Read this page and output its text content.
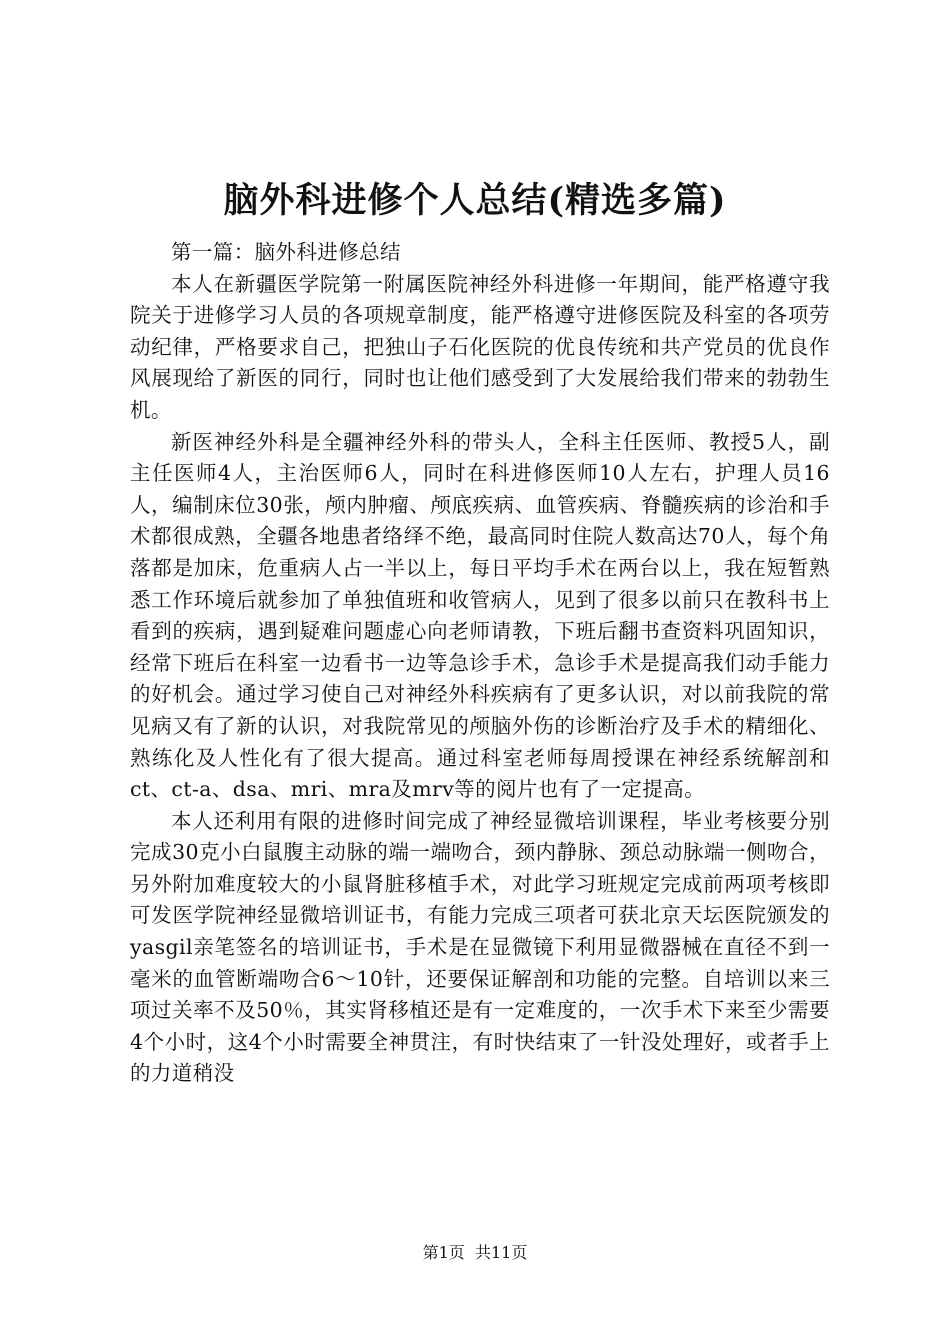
脑外科进修个人总结(精选多篇)

第一篇：脑外科进修总结

本人在新疆医学院第一附属医院神经外科进修一年期间，能严格遵守我院关于进修学习人员的各项规章制度，能严格遵守进修医院及科室的各项劳动纪律，严格要求自己，把独山子石化医院的优良传统和共产党员的优良作风展现给了新医的同行，同时也让他们感受到了大发展给我们带来的勃勃生机。

新医神经外科是全疆神经外科的带头人，全科主任医师、教授5人，副主任医师4人，主治医师6人，同时在科进修医师10人左右，护理人员16人，编制床位30张，颅内肿瘤、颅底疾病、血管疾病、脊髓疾病的诊治和手术都很成熟，全疆各地患者络绎不绝，最高同时住院人数高达70人，每个角落都是加床，危重病人占一半以上，每日平均手术在两台以上，我在短暂熟悉工作环境后就参加了单独值班和收管病人，见到了很多以前只在教科书上看到的疾病，遇到疑难问题虚心向老师请教，下班后翻书查资料巩固知识，经常下班后在科室一边看书一边等急诊手术，急诊手术是提高我们动手能力的好机会。通过学习使自己对神经外科疾病有了更多认识，对以前我院的常见病又有了新的认识，对我院常见的颅脑外伤的诊断治疗及手术的精细化、熟练化及人性化有了很大提高。通过科室老师每周授课在神经系统解剖和ct、ct-a、dsa、mri、mra及mrv等的阅片也有了一定提高。

本人还利用有限的进修时间完成了神经显微培训课程，毕业考核要分别完成30克小白鼠腹主动脉的端一端吻合，颈内静脉、颈总动脉端一侧吻合，另外附加难度较大的小鼠肾脏移植手术，对此学习班规定完成前两项考核即可发医学院神经显微培训证书，有能力完成三项者可获北京天坛医院颁发的yasgil亲笔签名的培训证书，手术是在显微镜下利用显微器械在直径不到一毫米的血管断端吻合6～10针，还要保证解剖和功能的完整。自培训以来三项过关率不及50％，其实肾移植还是有一定难度的，一次手术下来至少需要4个小时，这4个小时需要全神贯注，有时快结束了一针没处理好，或者手上的力道稍没

第1页 共11页
